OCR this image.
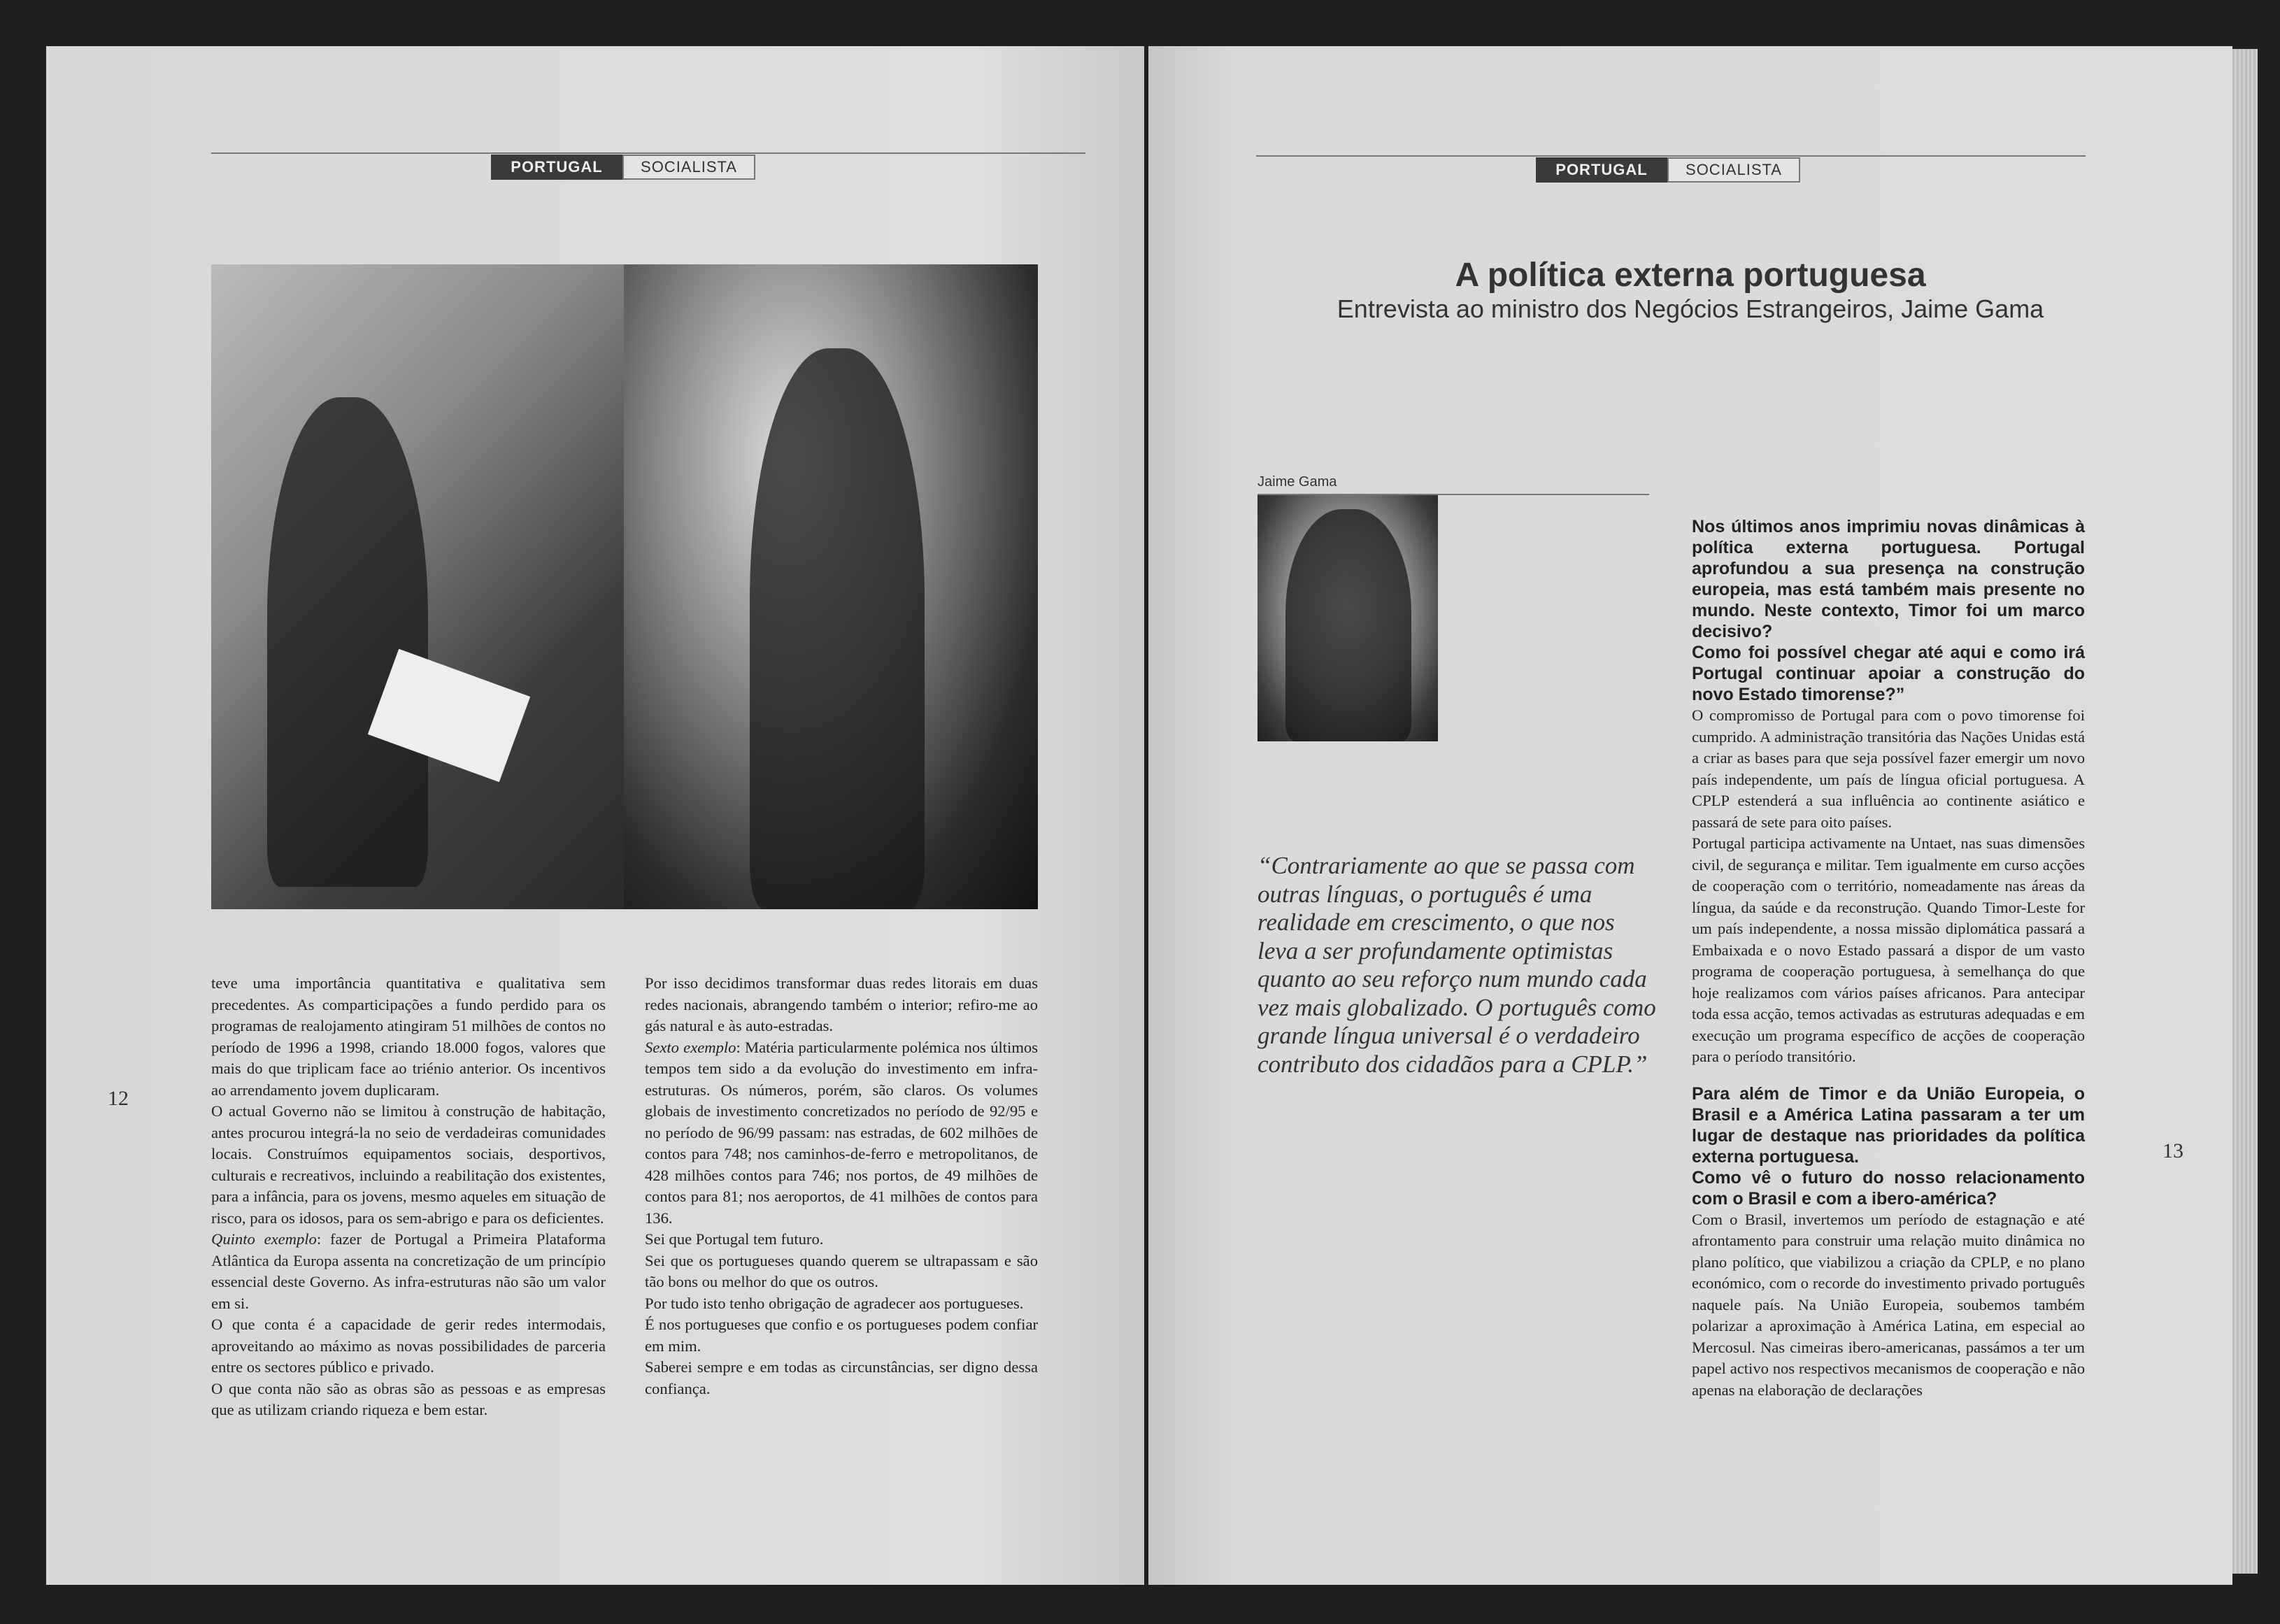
PORTUGAL	SOCIALISTA

teve uma importância quantitativa e qualitativa sem precedentes. As comparticipações a fundo perdido para os programas de realojamento atingiram 51 milhões de contos no período de 1996 a 1998, criando 18.000 fogos, valores que mais do que triplicam face ao triénio anterior. Os incentivos ao arrendamento jovem duplicaram.

O actual Governo não se limitou à construção de habitação, antes procurou integrá-la no seio de verdadeiras comunidades locais. Construímos equipamentos sociais, desportivos, culturais e recreativos, incluindo a reabilitação dos existentes, para a infância, para os jovens, mesmo aqueles em situação de risco, para os idosos, para os sem-abrigo e para os deficientes.

Quinto exemplo: fazer de Portugal a Primeira Plataforma Atlântica da Europa assenta na concretização de um princípio essencial deste Governo. As infra-estruturas não são um valor em si.

O que conta é a capacidade de gerir redes intermodais, aproveitando ao máximo as novas possibilidades de parceria entre os sectores público e privado.

O que conta não são as obras são as pessoas e as empresas que as utilizam criando riqueza e bem estar.

Por isso decidimos transformar duas redes litorais em duas redes nacionais, abrangendo também o interior; refiro-me ao gás natural e às auto-estradas.

Sexto exemplo: Matéria particularmente polémica nos últimos tempos tem sido a da evolução do investimento em infra-estruturas. Os números, porém, são claros. Os volumes globais de investimento concretizados no período de 92/95 e no período de 96/99 passam: nas estradas, de 602 milhões de contos para 748; nos caminhos-de-ferro e metropolitanos, de 428 milhões contos para 746; nos portos, de 49 milhões de contos para 81; nos aeroportos, de 41 milhões de contos para 136.

Sei que Portugal tem futuro.

Sei que os portugueses quando querem se ultrapassam e são tão bons ou melhor do que os outros.

Por tudo isto tenho obrigação de agradecer aos portugueses.

É nos portugueses que confio e os portugueses podem confiar em mim.

Saberei sempre e em todas as circunstâncias, ser digno dessa confiança.

12
PORTUGAL	SOCIALISTA
A política externa portuguesa
Entrevista ao ministro dos Negócios Estrangeiros, Jaime Gama
Jaime Gama
“Contrariamente ao que se passa com outras línguas, o português é uma realidade em crescimento, o que nos leva a ser profundamente optimistas quanto ao seu reforço num mundo cada vez mais globalizado. O português como grande língua universal é o verdadeiro contributo dos cidadãos para a CPLP.”

Nos últimos anos imprimiu novas dinâmicas à política externa portuguesa. Portugal aprofundou a sua presença na construção europeia, mas está também mais presente no mundo. Neste contexto, Timor foi um marco decisivo?

Como foi possível chegar até aqui e como irá Portugal continuar apoiar a construção do novo Estado timorense?”

O compromisso de Portugal para com o povo timorense foi cumprido. A administração transitória das Nações Unidas está a criar as bases para que seja possível fazer emergir um novo país independente, um país de língua oficial portuguesa. A CPLP estenderá a sua influência ao continente asiático e passará de sete para oito países.

Portugal participa activamente na Untaet, nas suas dimensões civil, de segurança e militar. Tem igualmente em curso acções de cooperação com o território, nomeadamente nas áreas da língua, da saúde e da reconstrução. Quando Timor-Leste for um país independente, a nossa missão diplomática passará a Embaixada e o novo Estado passará a dispor de um vasto programa de cooperação portuguesa, à semelhança do que hoje realizamos com vários países africanos. Para antecipar toda essa acção, temos activadas as estruturas adequadas e em execução um programa específico de acções de cooperação para o período transitório.

Para além de Timor e da União Europeia, o Brasil e a América Latina passaram a ter um lugar de destaque nas prioridades da política externa portuguesa.

Como vê o futuro do nosso relacionamento com o Brasil e com a ibero-américa?

Com o Brasil, invertemos um período de estagnação e até afrontamento para construir uma relação muito dinâmica no plano político, que viabilizou a criação da CPLP, e no plano económico, com o recorde do investimento privado português naquele país. Na União Europeia, soubemos também polarizar a aproximação à América Latina, em especial ao Mercosul. Nas cimeiras ibero-americanas, passámos a ter um papel activo nos respectivos mecanismos de cooperação e não apenas na elaboração de declarações

13
